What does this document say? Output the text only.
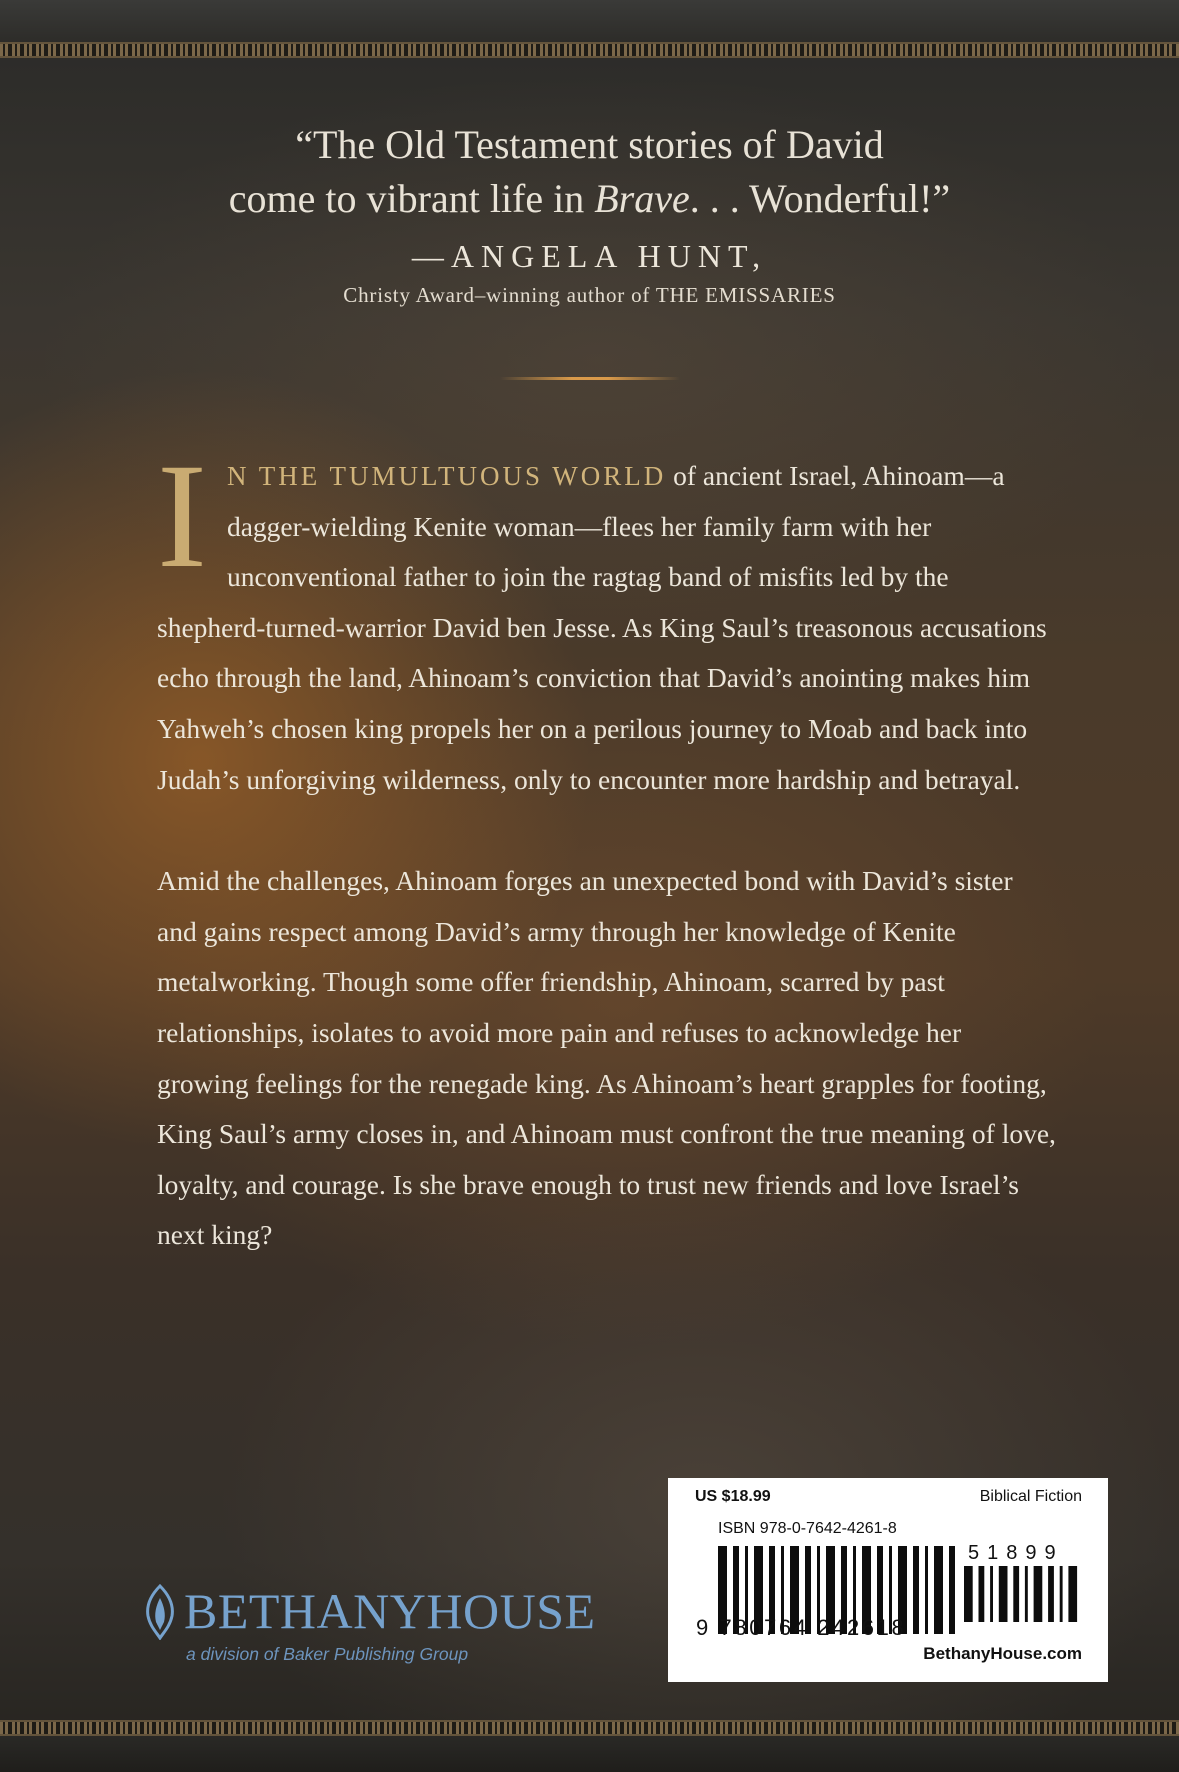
“The Old Testament stories of David
come to vibrant life in Brave. . . Wonderful!”
—ANGELA HUNT,
Christy Award–winning author of THE EMISSARIES

I N THE TUMULTUOUS WORLD of ancient Israel, Ahinoam—a dagger-wielding Kenite woman—flees her family farm with her unconventional father to join the ragtag band of misfits led by the shepherd-turned-warrior David ben Jesse. As King Saul’s treasonous accusations echo through the land, Ahinoam’s conviction that David’s anointing makes him Yahweh’s chosen king propels her on a perilous journey to Moab and back into Judah’s unforgiving wilderness, only to encounter more hardship and betrayal.

Amid the challenges, Ahinoam forges an unexpected bond with David’s sister and gains respect among David’s army through her knowledge of Kenite metalworking. Though some offer friendship, Ahinoam, scarred by past relationships, isolates to avoid more pain and refuses to acknowledge her growing feelings for the renegade king. As Ahinoam’s heart grapples for footing, King Saul’s army closes in, and Ahinoam must confront the true meaning of love, loyalty, and courage. Is she brave enough to trust new friends and love Israel’s next king?

BETHANYHOUSE
a division of Baker Publishing Group
US $18.99	Biblical Fiction
ISBN 978-0-7642-4261-8
51899
9 780764 242618
BethanyHouse.com
